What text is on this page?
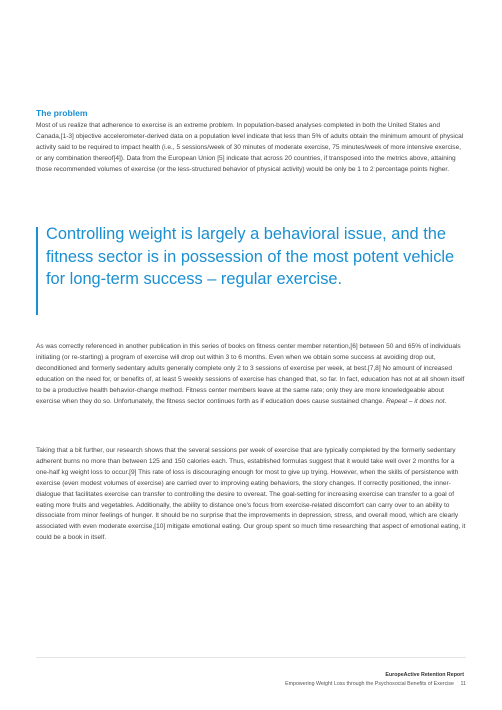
The problem

Most of us realize that adherence to exercise is an extreme problem. In population-based analyses completed in both the United States and Canada,[1-3] objective accelerometer-derived data on a population level indicate that less than 5% of adults obtain the minimum amount of physical activity said to be required to impact health (i.e., 5 sessions/week of 30 minutes of moderate exercise, 75 minutes/week of more intensive exercise, or any combination thereof[4]). Data from the European Union [5] indicate that across 20 countries, if transposed into the metrics above, attaining those recommended volumes of exercise (or the less-structured behavior of physical activity) would be only be 1 to 2 percentage points higher.

Controlling weight is largely a behavioral issue, and the fitness sector is in possession of the most potent vehicle for long-term success – regular exercise.

As was correctly referenced in another publication in this series of books on fitness center member retention,[6] between 50 and 65% of individuals initiating (or re-starting) a program of exercise will drop out within 3 to 6 months. Even when we obtain some success at avoiding drop out, deconditioned and formerly sedentary adults generally complete only 2 to 3 sessions of exercise per week, at best.[7,8] No amount of increased education on the need for, or benefits of, at least 5 weekly sessions of exercise has changed that, so far. In fact, education has not at all shown itself to be a productive health behavior-change method. Fitness center members leave at the same rate; only they are more knowledgeable about exercise when they do so. Unfortunately, the fitness sector continues forth as if education does cause sustained change. Repeat – it does not.

Taking that a bit further, our research shows that the several sessions per week of exercise that are typically completed by the formerly sedentary adherent burns no more than between 125 and 150 calories each. Thus, established formulas suggest that it would take well over 2 months for a one-half kg weight loss to occur.[9] This rate of loss is discouraging enough for most to give up trying. However, when the skills of persistence with exercise (even modest volumes of exercise) are carried over to improving eating behaviors, the story changes. If correctly positioned, the inner-dialogue that facilitates exercise can transfer to controlling the desire to overeat. The goal-setting for increasing exercise can transfer to a goal of eating more fruits and vegetables. Additionally, the ability to distance one's focus from exercise-related discomfort can carry over to an ability to dissociate from minor feelings of hunger. It should be no surprise that the improvements in depression, stress, and overall mood, which are clearly associated with even moderate exercise,[10] mitigate emotional eating. Our group spent so much time researching that aspect of emotional eating, it could be a book in itself.

EuropeActive Retention Report
Empowering Weight Loss through the Psychosocial Benefits of Exercise 11
